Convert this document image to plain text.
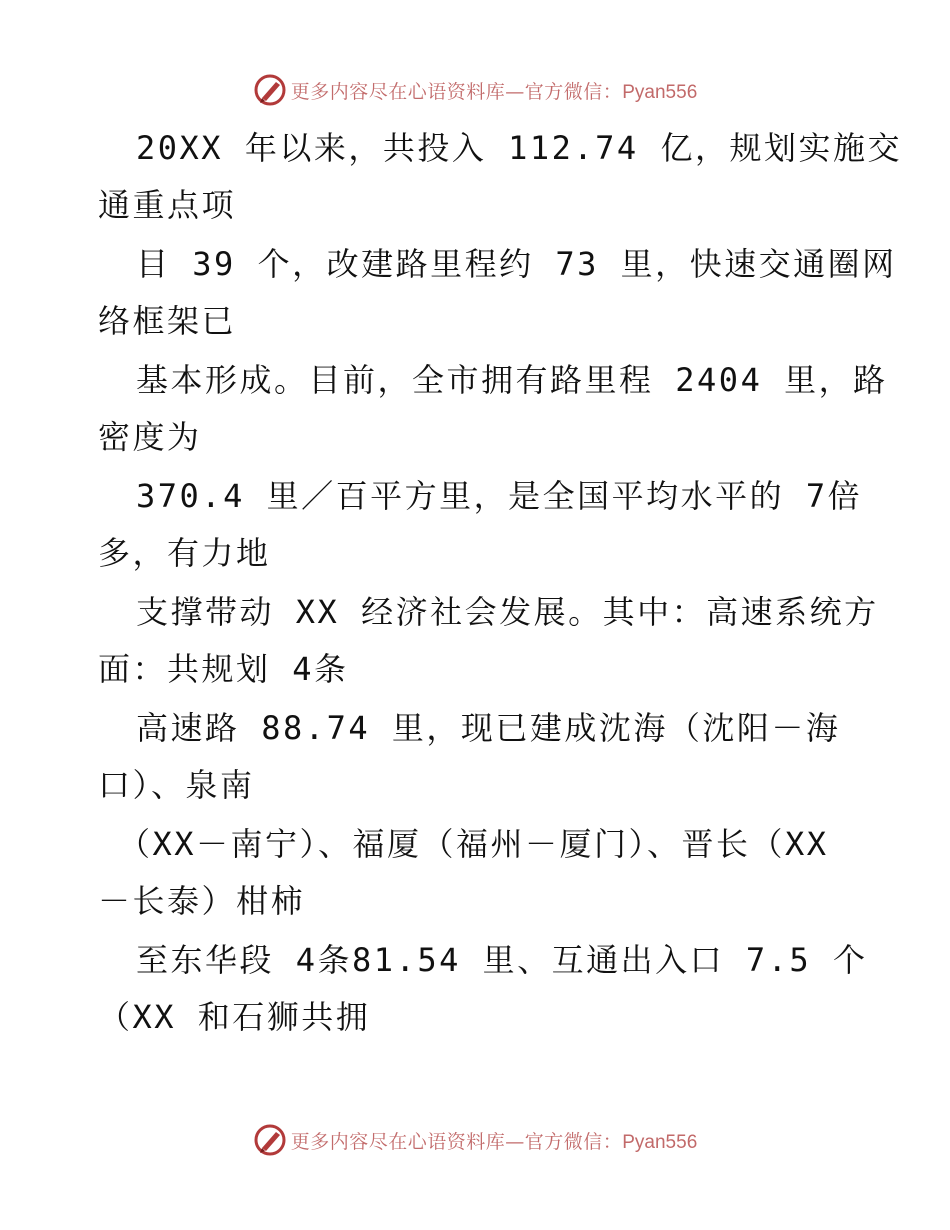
更多内容尽在心语资料库—官方微信：Pyan556
20XX 年以来，共投入 112.74 亿，规划实施交
通重点项
目 39 个，改建路里程约 73 里，快速交通圈网
络框架已
基本形成。目前，全市拥有路里程 2404 里，路
密度为
370.4 里／百平方里，是全国平均水平的 7倍
多，有力地
支撑带动 XX 经济社会发展。其中：高速系统方
面：共规划 4条
高速路 88.74 里，现已建成沈海（沈阳－海
口）、泉南
（XX－南宁）、福厦（福州－厦门）、晋长（XX
－长泰）柑柿
至东华段 4条81.54 里、互通出入口 7.5 个
（XX 和石狮共拥
更多内容尽在心语资料库—官方微信：Pyan556
